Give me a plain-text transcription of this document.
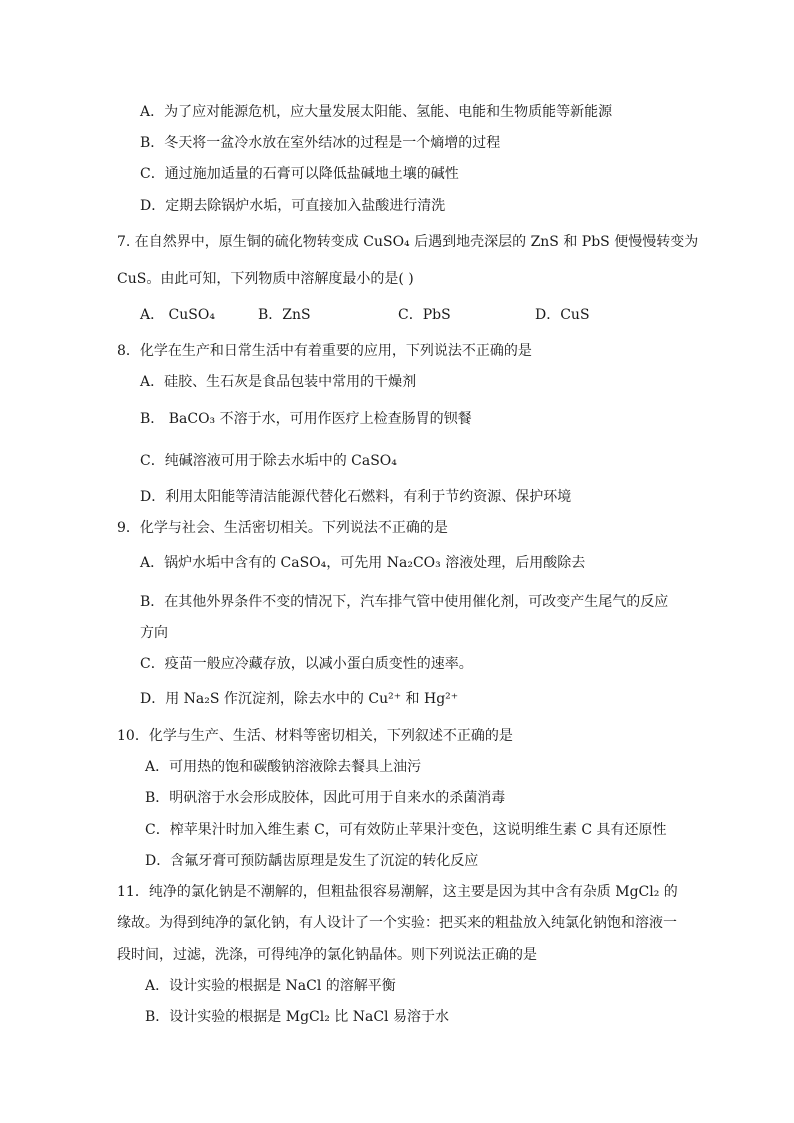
A．为了应对能源危机，应大量发展太阳能、氢能、电能和生物质能等新能源
B．冬天将一盆冷水放在室外结冰的过程是一个熵增的过程
C．通过施加适量的石膏可以降低盐碱地土壤的碱性
D．定期去除锅炉水垢，可直接加入盐酸进行清洗
7. 在自然界中，原生铜的硫化物转变成 CuSO₄ 后遇到地壳深层的 ZnS 和 PbS 便慢慢转变为
CuS。由此可知，下列物质中溶解度最小的是( )
A． CuSO₄	B．ZnS	C．PbS	D．CuS
8．化学在生产和日常生活中有着重要的应用，下列说法不正确的是
A．硅胶、生石灰是食品包装中常用的干燥剂
B． BaCO₃ 不溶于水，可用作医疗上检查肠胃的钡餐
C．纯碱溶液可用于除去水垢中的 CaSO₄
D．利用太阳能等清洁能源代替化石燃料，有利于节约资源、保护环境
9．化学与社会、生活密切相关。下列说法不正确的是
A．锅炉水垢中含有的 CaSO₄，可先用 Na₂CO₃ 溶液处理，后用酸除去
B．在其他外界条件不变的情况下，汽车排气管中使用催化剂，可改变产生尾气的反应
方向
C．疫苗一般应冷藏存放，以减小蛋白质变性的速率。
D．用 Na₂S 作沉淀剂，除去水中的 Cu²⁺ 和 Hg²⁺
10．化学与生产、生活、材料等密切相关，下列叙述不正确的是
A．可用热的饱和碳酸钠溶液除去餐具上油污
B．明矾溶于水会形成胶体，因此可用于自来水的杀菌消毒
C．榨苹果汁时加入维生素 C，可有效防止苹果汁变色，这说明维生素 C 具有还原性
D．含氟牙膏可预防龋齿原理是发生了沉淀的转化反应
11．纯净的氯化钠是不潮解的，但粗盐很容易潮解，这主要是因为其中含有杂质 MgCl₂ 的
缘故。为得到纯净的氯化钠，有人设计了一个实验：把买来的粗盐放入纯氯化钠饱和溶液一
段时间，过滤，洗涤，可得纯净的氯化钠晶体。则下列说法正确的是
A．设计实验的根据是 NaCl 的溶解平衡
B．设计实验的根据是 MgCl₂ 比 NaCl 易溶于水
